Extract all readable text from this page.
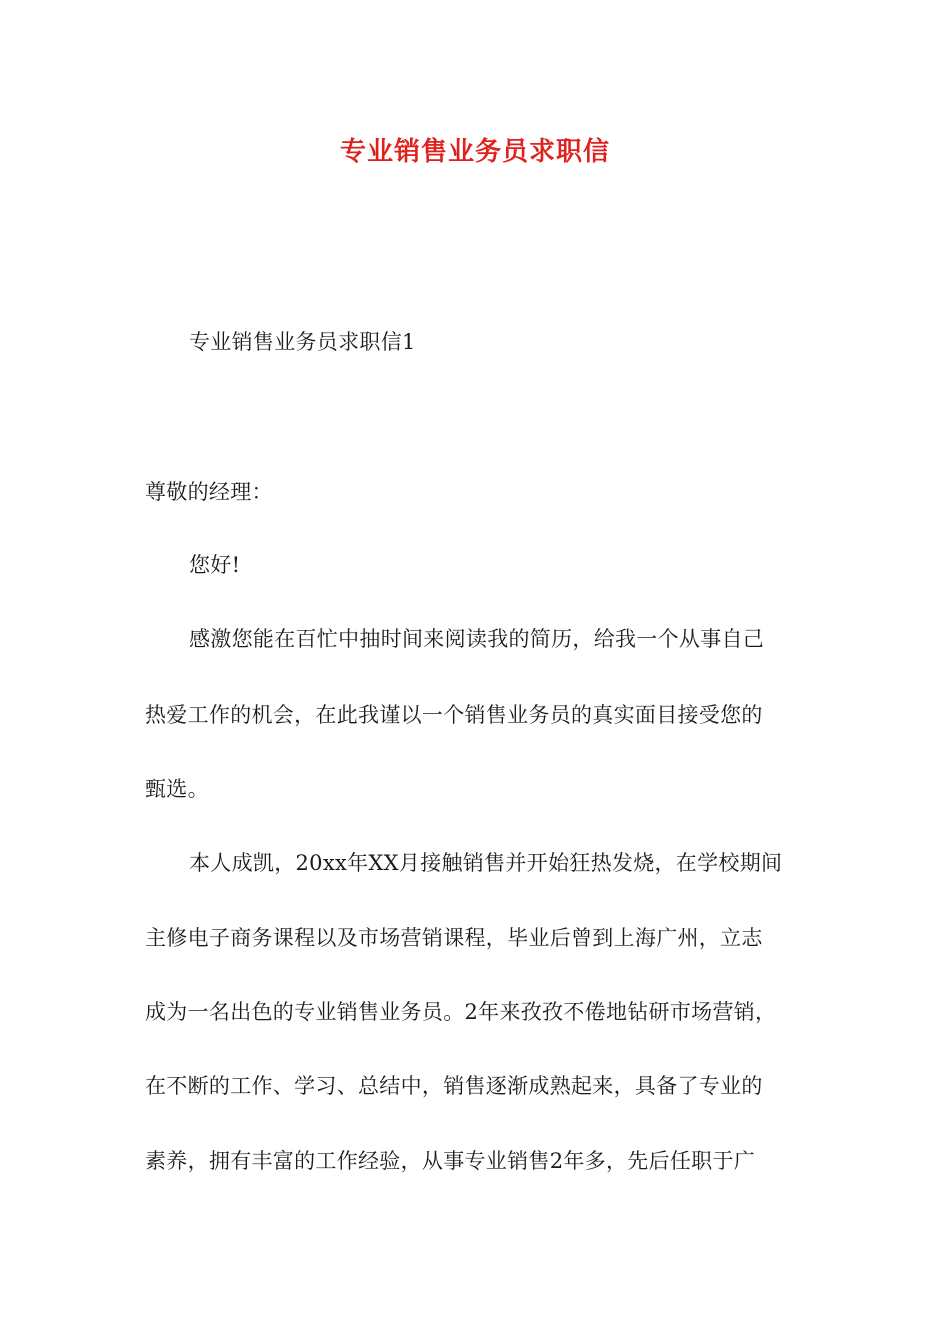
专业销售业务员求职信
专业销售业务员求职信1
尊敬的经理：
您好!
感激您能在百忙中抽时间来阅读我的简历，给我一个从事自己
热爱工作的机会，在此我谨以一个销售业务员的真实面目接受您的
甄选。
本人成凯，20xx年XX月接触销售并开始狂热发烧，在学校期间
主修电子商务课程以及市场营销课程，毕业后曾到上海广州，立志
成为一名出色的专业销售业务员。2年来孜孜不倦地钻研市场营销，
在不断的工作、学习、总结中，销售逐渐成熟起来，具备了专业的
素养，拥有丰富的工作经验，从事专业销售2年多，先后任职于广
